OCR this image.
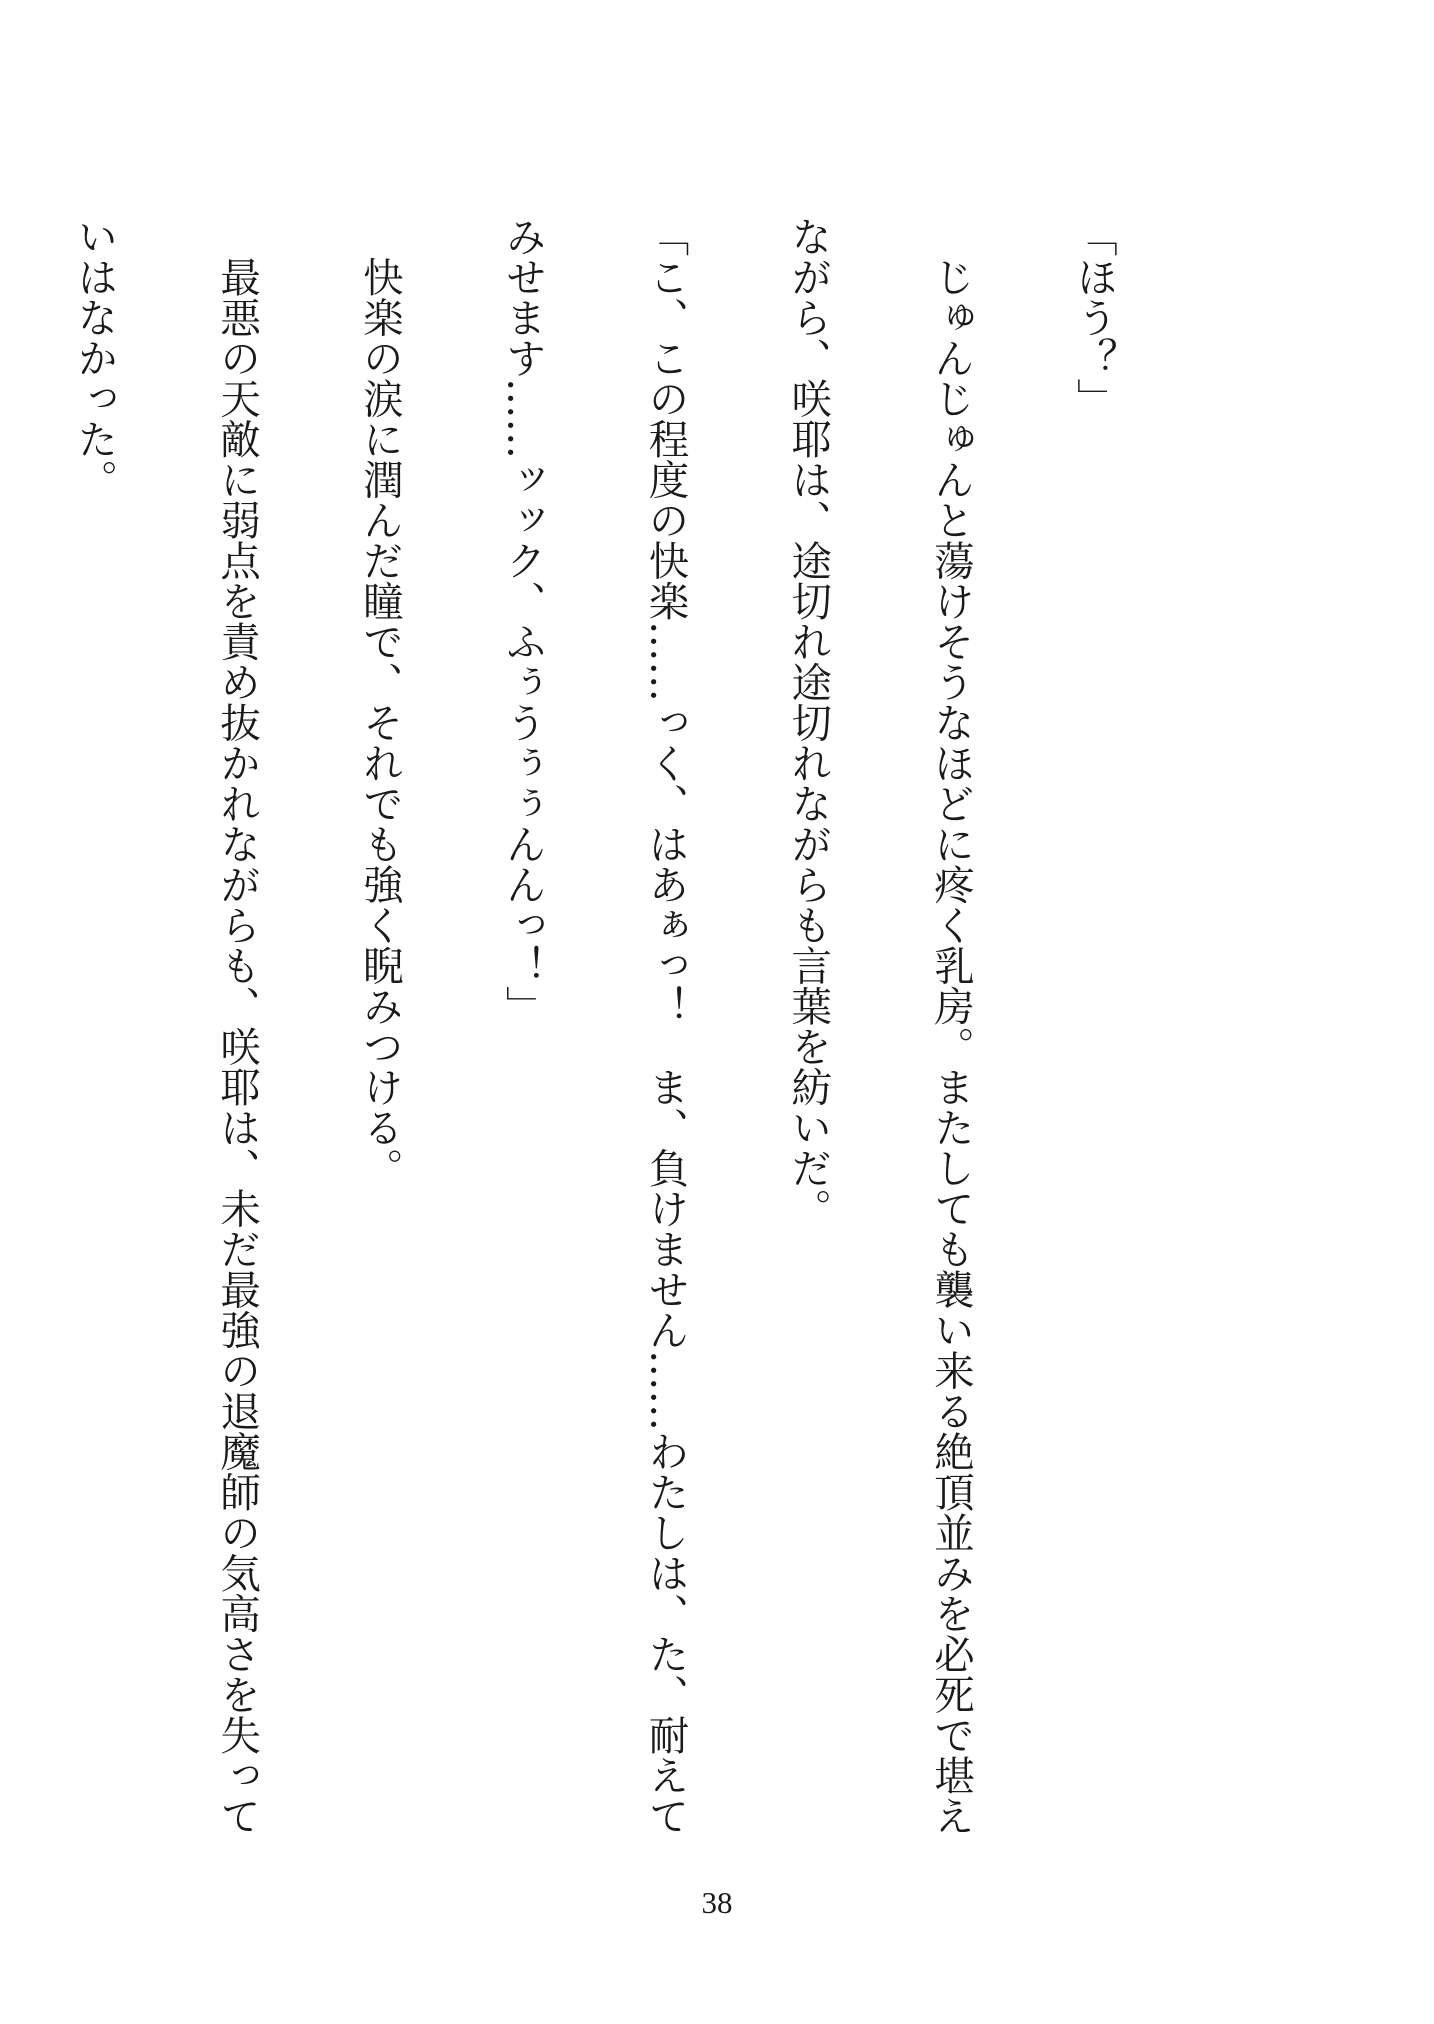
「ほう？」

　じゅんじゅんと蕩けそうなほどに疼く乳房。またしても襲い来る絶頂並みを必死で堪え

ながら、咲耶は、途切れ途切れながらも言葉を紡いだ。

「こ、この程度の快楽……っく、はあぁっ！　ま、負けません……わたしは、た、耐えて

みせます……ッック、ふぅうぅぅんんっ！」

　快楽の涙に潤んだ瞳で、それでも強く睨みつける。

　最悪の天敵に弱点を責め抜かれながらも、咲耶は、未だ最強の退魔師の気高さを失って

いはなかった。

38
